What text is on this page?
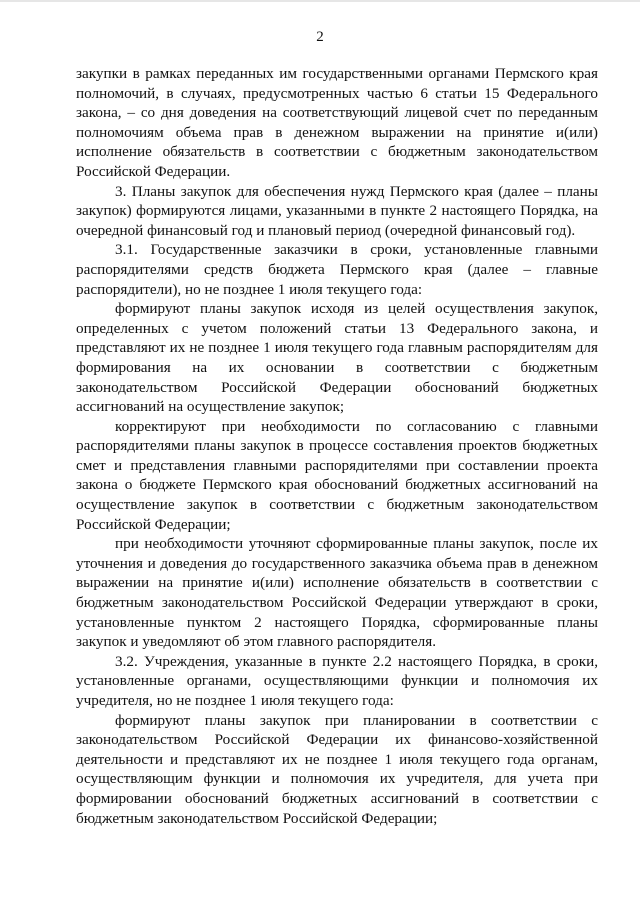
2

закупки в рамках переданных им государственными органами Пермского края полномочий, в случаях, предусмотренных частью 6 статьи 15 Федерального закона, – со дня доведения на соответствующий лицевой счет по переданным полномочиям объема прав в денежном выражении на принятие и(или) исполнение обязательств в соответствии с бюджетным законодательством Российской Федерации.

3. Планы закупок для обеспечения нужд Пермского края (далее – планы закупок) формируются лицами, указанными в пункте 2 настоящего Порядка, на очередной финансовый год и плановый период (очередной финансовый год).

3.1. Государственные заказчики в сроки, установленные главными распорядителями средств бюджета Пермского края (далее – главные распорядители), но не позднее 1 июля текущего года:

формируют планы закупок исходя из целей осуществления закупок, определенных с учетом положений статьи 13 Федерального закона, и представляют их не позднее 1 июля текущего года главным распорядителям для формирования на их основании в соответствии с бюджетным законодательством Российской Федерации обоснований бюджетных ассигнований на осуществление закупок;

корректируют при необходимости по согласованию с главными распорядителями планы закупок в процессе составления проектов бюджетных смет и представления главными распорядителями при составлении проекта закона о бюджете Пермского края обоснований бюджетных ассигнований на осуществление закупок в соответствии с бюджетным законодательством Российской Федерации;

при необходимости уточняют сформированные планы закупок, после их уточнения и доведения до государственного заказчика объема прав в денежном выражении на принятие и(или) исполнение обязательств в соответствии с бюджетным законодательством Российской Федерации утверждают в сроки, установленные пунктом 2 настоящего Порядка, сформированные планы закупок и уведомляют об этом главного распорядителя.

3.2. Учреждения, указанные в пункте 2.2 настоящего Порядка, в сроки, установленные органами, осуществляющими функции и полномочия их учредителя, но не позднее 1 июля текущего года:

формируют планы закупок при планировании в соответствии с законодательством Российской Федерации их финансово-хозяйственной деятельности и представляют их не позднее 1 июля текущего года органам, осуществляющим функции и полномочия их учредителя, для учета при формировании обоснований бюджетных ассигнований в соответствии с бюджетным законодательством Российской Федерации;
